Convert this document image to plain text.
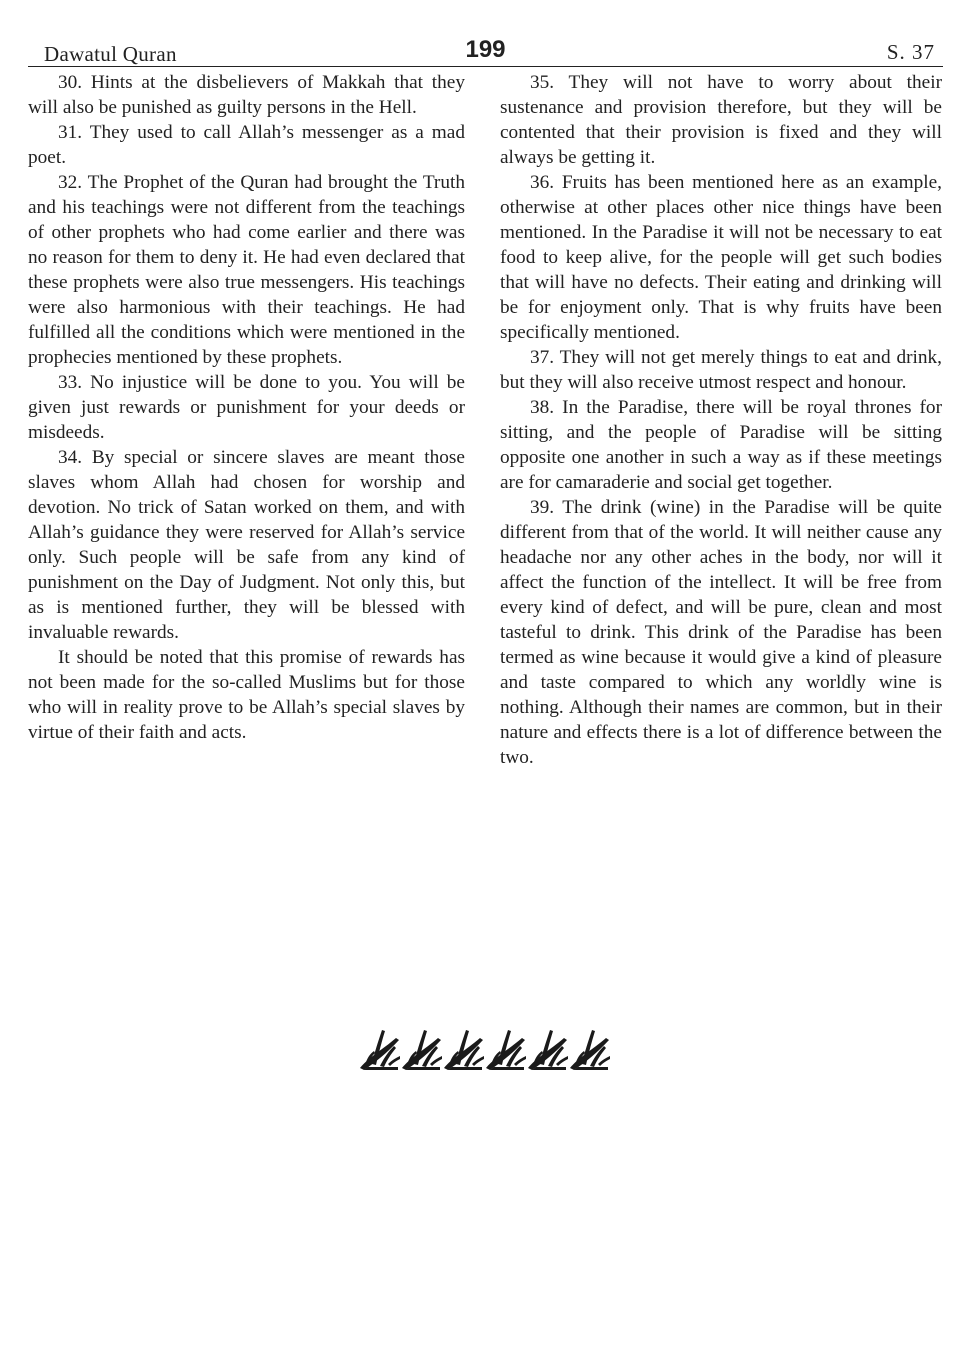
Dawatul Quran	199	S. 37

30. Hints at the disbelievers of Makkah that they will also be punished as guilty persons in the Hell.

31. They used to call Allah’s messenger as a mad poet.

32. The Prophet of the Quran had brought the Truth and his teachings were not different from the teachings of other prophets who had come earlier and there was no reason for them to deny it. He had even declared that these prophets were also true messengers. His teachings were also harmonious with their teachings. He had fulfilled all the conditions which were mentioned in the prophecies mentioned by these prophets.

33. No injustice will be done to you. You will be given just rewards or punishment for your deeds or misdeeds.

34. By special or sincere slaves are meant those slaves whom Allah had chosen for worship and devotion. No trick of Satan worked on them, and with Allah’s guidance they were reserved for Allah’s service only. Such people will be safe from any kind of punishment on the Day of Judgment. Not only this, but as is mentioned further, they will be blessed with invaluable rewards.

It should be noted that this promise of rewards has not been made for the so-called Muslims but for those who will in reality prove to be Allah’s special slaves by virtue of their faith and acts.

35. They will not have to worry about their sustenance and provision therefore, but they will be contented that their provision is fixed and they will always be getting it.

36. Fruits has been mentioned here as an example, otherwise at other places other nice things have been mentioned. In the Paradise it will not be necessary to eat food to keep alive, for the people will get such bodies that will have no defects. Their eating and drinking will be for enjoyment only. That is why fruits have been specifically mentioned.

37. They will not get merely things to eat and drink, but they will also receive utmost respect and honour.

38. In the Paradise, there will be royal thrones for sitting, and the people of Paradise will be sitting opposite one another in such a way as if these meetings are for camaraderie and social get together.

39. The drink (wine) in the Paradise will be quite different from that of the world. It will neither cause any headache nor any other aches in the body, nor will it affect the function of the intellect. It will be free from every kind of defect, and will be pure, clean and most tasteful to drink. This drink of the Paradise has been termed as wine because it would give a kind of pleasure and taste compared to which any worldly wine is nothing. Although their names are common, but in their nature and effects there is a lot of difference between the two.
